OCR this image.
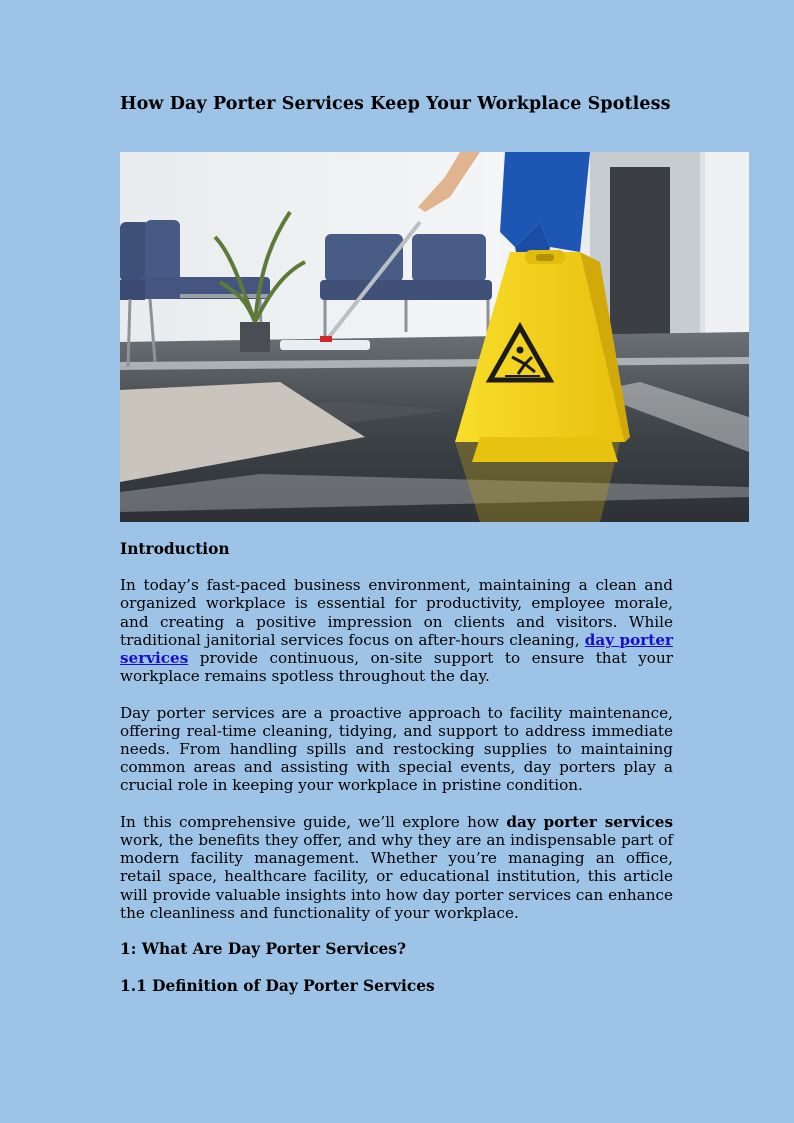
How Day Porter Services Keep Your Workplace Spotless
Introduction

In today’s fast-paced business environment, maintaining a clean and organized workplace is essential for productivity, employee morale, and creating a positive impression on clients and visitors. While traditional janitorial services focus on after-hours cleaning, day porter services provide continuous, on-site support to ensure that your workplace remains spotless throughout the day.

Day porter services are a proactive approach to facility maintenance, offering real-time cleaning, tidying, and support to address immediate needs. From handling spills and restocking supplies to maintaining common areas and assisting with special events, day porters play a crucial role in keeping your workplace in pristine condition.

In this comprehensive guide, we’ll explore how day porter services work, the benefits they offer, and why they are an indispensable part of modern facility management. Whether you’re managing an office, retail space, healthcare facility, or educational institution, this article will provide valuable insights into how day porter services can enhance the cleanliness and functionality of your workplace.

1: What Are Day Porter Services?
1.1 Definition of Day Porter Services
